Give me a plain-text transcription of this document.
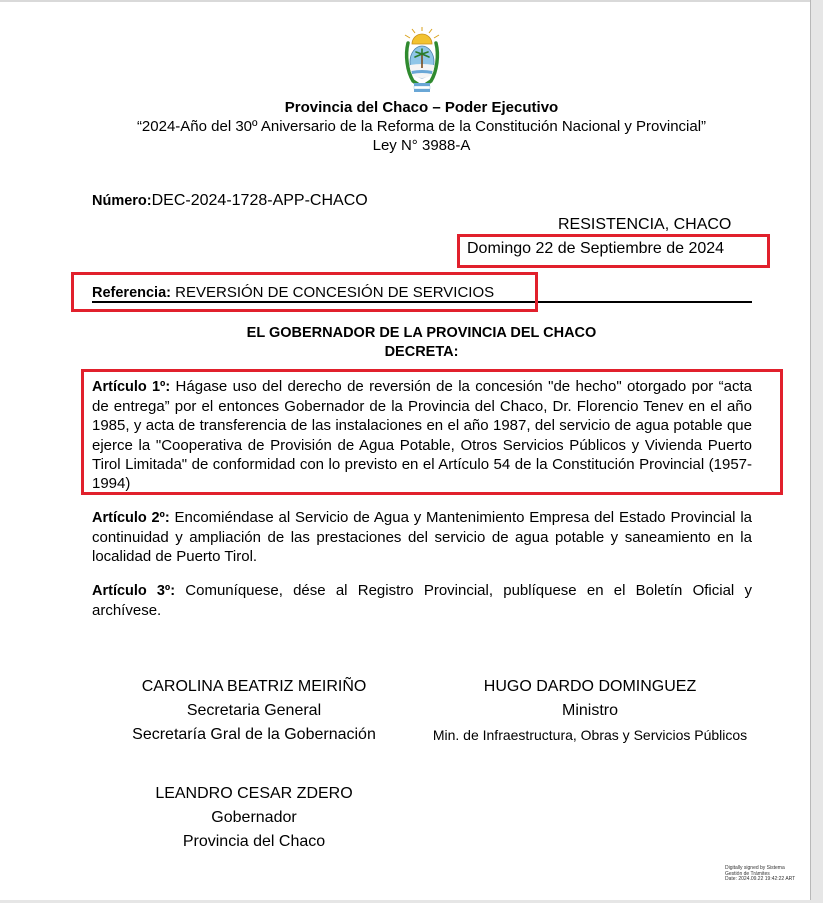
Provincia del Chaco – Poder Ejecutivo
“2024-Año del 30º Aniversario de la Reforma de la Constitución Nacional y Provincial”
Ley N° 3988-A
Número:DEC-2024-1728-APP-CHACO
RESISTENCIA, CHACO
Domingo 22 de Septiembre de 2024
Referencia: REVERSIÓN DE CONCESIÓN DE SERVICIOS
EL GOBERNADOR DE LA PROVINCIA DEL CHACO
DECRETA:
Artículo 1º: Hágase uso del derecho de reversión de la concesión "de hecho" otorgado por “acta de entrega” por el entonces Gobernador de la Provincia del Chaco, Dr. Florencio Tenev en el año 1985, y acta de transferencia de las instalaciones en el año 1987, del servicio de agua potable que ejerce la "Cooperativa de Provisión de Agua Potable, Otros Servicios Públicos y Vivienda Puerto Tirol Limitada" de conformidad con lo previsto en el Artículo 54 de la Constitución Provincial (1957- 1994)
Artículo 2º: Encomiéndase al Servicio de Agua y Mantenimiento Empresa del Estado Provincial la continuidad y ampliación de las prestaciones del servicio de agua potable y saneamiento en la localidad de Puerto Tirol.
Artículo 3º: Comuníquese, dése al Registro Provincial, publíquese en el Boletín Oficial y archívese.
CAROLINA BEATRIZ MEIRIÑO
Secretaria General
Secretaría Gral de la Gobernación
HUGO DARDO DOMINGUEZ
Ministro
Min. de Infraestructura, Obras y Servicios Públicos
LEANDRO CESAR ZDERO
Gobernador
Provincia del Chaco
Digitally signed by Sistema
Gestión de Trámites
Date: 2024.09.22 19:42:22 ART
